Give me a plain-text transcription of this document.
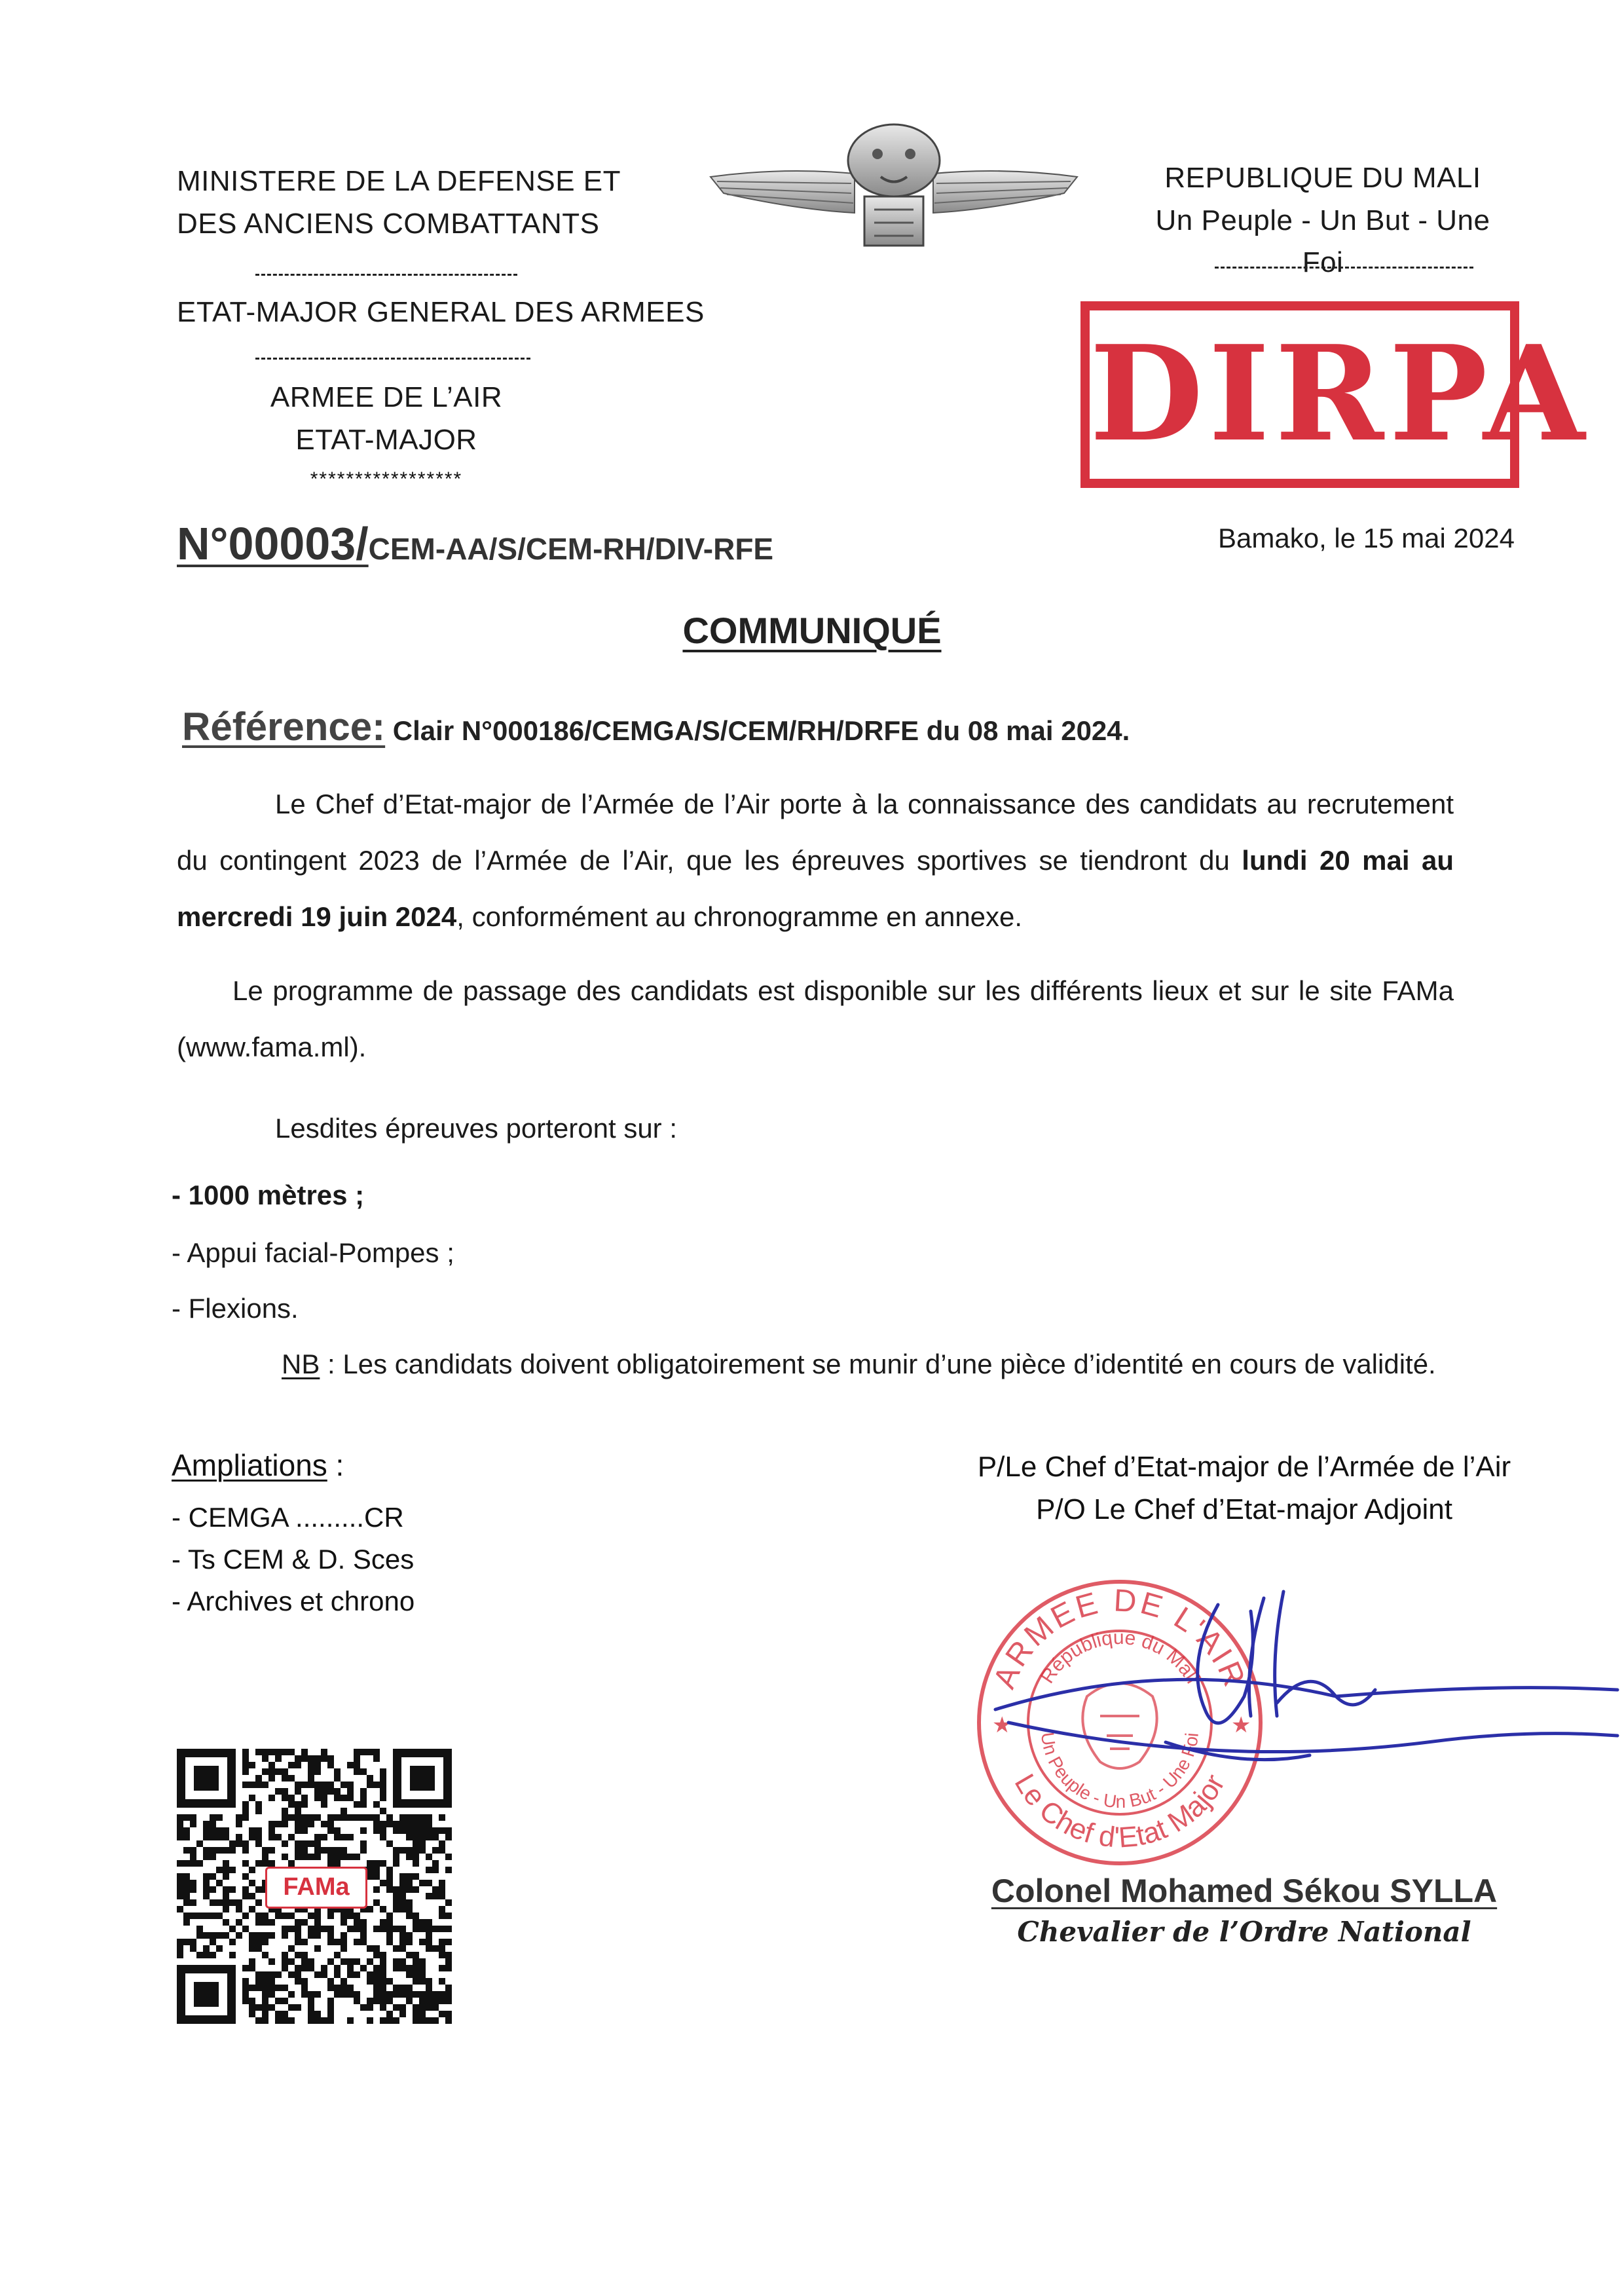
MINISTERE DE LA DEFENSE ET
DES ANCIENS COMBATTANTS
ETAT-MAJOR GENERAL DES ARMEES
ARMEE DE L’AIR
ETAT-MAJOR
*****************
REPUBLIQUE DU MALI
Un Peuple - Un But - Une Foi
DIRPA
N°00003/CEM-AA/S/CEM-RH/DIV-RFE	Bamako, le 15 mai 2024
COMMUNIQUÉ
Référence: Clair N°000186/CEMGA/S/CEM/RH/DRFE du 08 mai 2024.
Le Chef d’Etat-major de l’Armée de l’Air porte à la connaissance des candidats au recrutement du contingent 2023 de l’Armée de l’Air, que les épreuves sportives se tiendront du lundi 20 mai au mercredi 19 juin 2024, conformément au chronogramme en annexe.
Le programme de passage des candidats est disponible sur les différents lieux et sur le site FAMa (www.fama.ml).
Lesdites épreuves porteront sur :
- 1000 mètres ;
- Appui facial-Pompes ;
- Flexions.
NB : Les candidats doivent obligatoirement se munir d’une pièce d’identité en cours de validité.
Ampliations :
- CEMGA .........CR
- Ts CEM & D. Sces
- Archives et chrono
P/Le Chef d’Etat-major de l’Armée de l’Air
P/O Le Chef d’Etat-major Adjoint
ARMEE DE L'AIR
République du Mali
Un Peuple - Un But - Une Foi
Le Chef d'Etat Major
★	★
Colonel Mohamed Sékou SYLLA
Chevalier de l’Ordre National
FAMa
